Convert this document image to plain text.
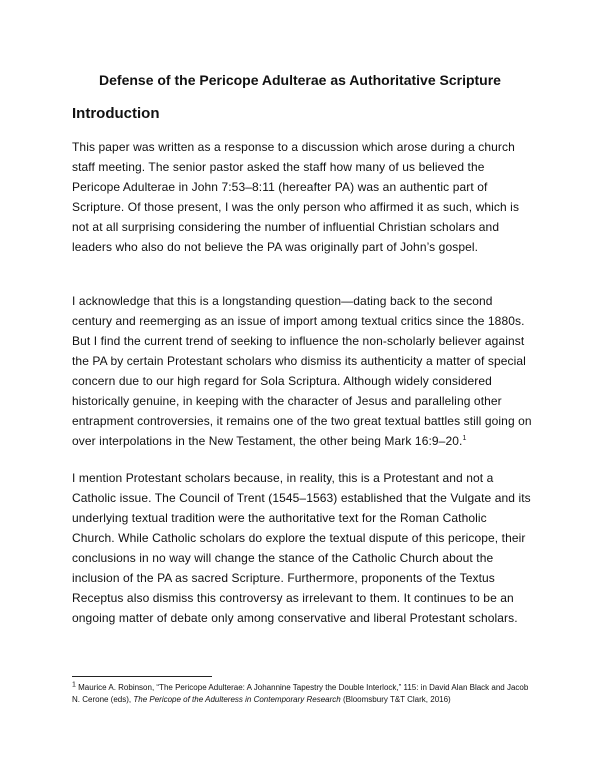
Defense of the Pericope Adulterae as Authoritative Scripture
Introduction
This paper was written as a response to a discussion which arose during a church staff meeting. The senior pastor asked the staff how many of us believed the Pericope Adulterae in John 7:53–8:11 (hereafter PA) was an authentic part of Scripture. Of those present, I was the only person who affirmed it as such, which is not at all surprising considering the number of influential Christian scholars and leaders who also do not believe the PA was originally part of John’s gospel.
I acknowledge that this is a longstanding question—dating back to the second century and reemerging as an issue of import among textual critics since the 1880s. But I find the current trend of seeking to influence the non-scholarly believer against the PA by certain Protestant scholars who dismiss its authenticity a matter of special concern due to our high regard for Sola Scriptura. Although widely considered historically genuine, in keeping with the character of Jesus and paralleling other entrapment controversies, it remains one of the two great textual battles still going on over interpolations in the New Testament, the other being Mark 16:9–20.$^1$
I mention Protestant scholars because, in reality, this is a Protestant and not a Catholic issue. The Council of Trent (1545–1563) established that the Vulgate and its underlying textual tradition were the authoritative text for the Roman Catholic Church. While Catholic scholars do explore the textual dispute of this pericope, their conclusions in no way will change the stance of the Catholic Church about the inclusion of the PA as sacred Scripture. Furthermore, proponents of the Textus Receptus also dismiss this controversy as irrelevant to them. It continues to be an ongoing matter of debate only among conservative and liberal Protestant scholars.
$^1$ Maurice A. Robinson, “The Pericope Adulterae: A Johannine Tapestry the Double Interlock,” 115: in David Alan Black and Jacob N. Cerone (eds), The Pericope of the Adulteress in Contemporary Research (Bloomsbury T&T Clark, 2016)
